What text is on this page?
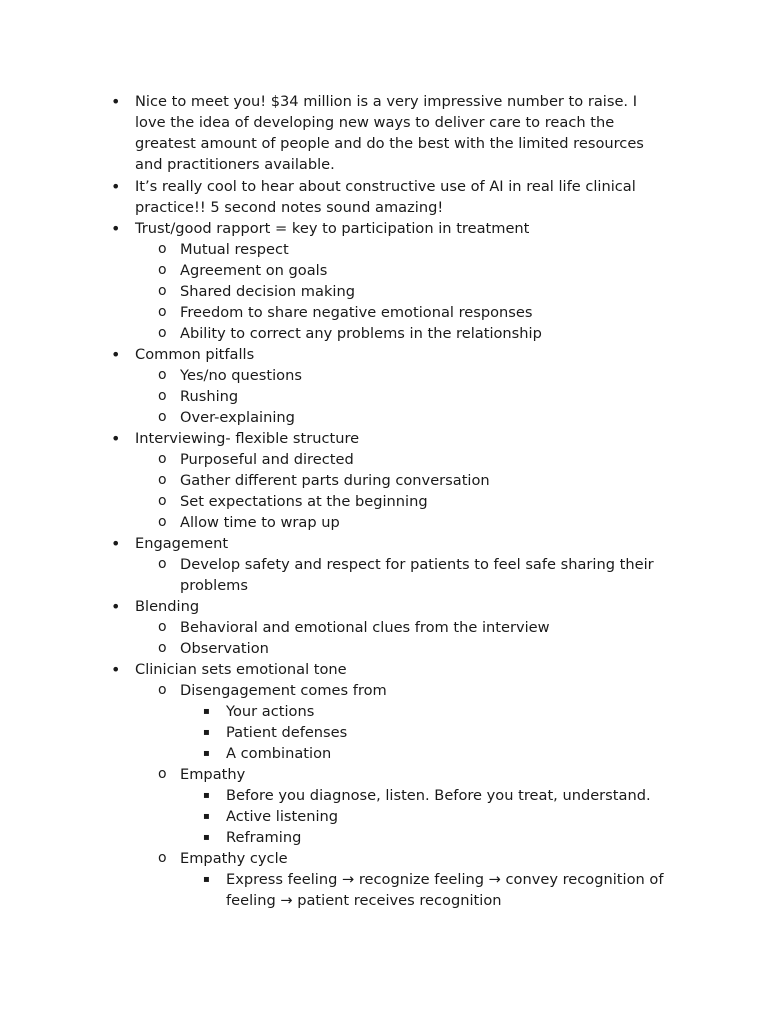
• Nice to meet you! $34 million is a very impressive number to raise. I love the idea of developing new ways to deliver care to reach the greatest amount of people and do the best with the limited resources and practitioners available.
• It’s really cool to hear about constructive use of AI in real life clinical practice!! 5 second notes sound amazing!
• Trust/good rapport = key to participation in treatment
o Mutual respect
o Agreement on goals
o Shared decision making
o Freedom to share negative emotional responses
o Ability to correct any problems in the relationship
• Common pitfalls
o Yes/no questions
o Rushing
o Over-explaining
• Interviewing- flexible structure
o Purposeful and directed
o Gather different parts during conversation
o Set expectations at the beginning
o Allow time to wrap up
• Engagement
o Develop safety and respect for patients to feel safe sharing their problems
• Blending
o Behavioral and emotional clues from the interview
o Observation
• Clinician sets emotional tone
o Disengagement comes from
▪ Your actions
▪ Patient defenses
▪ A combination
o Empathy
▪ Before you diagnose, listen. Before you treat, understand.
▪ Active listening
▪ Reframing
o Empathy cycle
▪ Express feeling → recognize feeling → convey recognition of feeling → patient receives recognition
